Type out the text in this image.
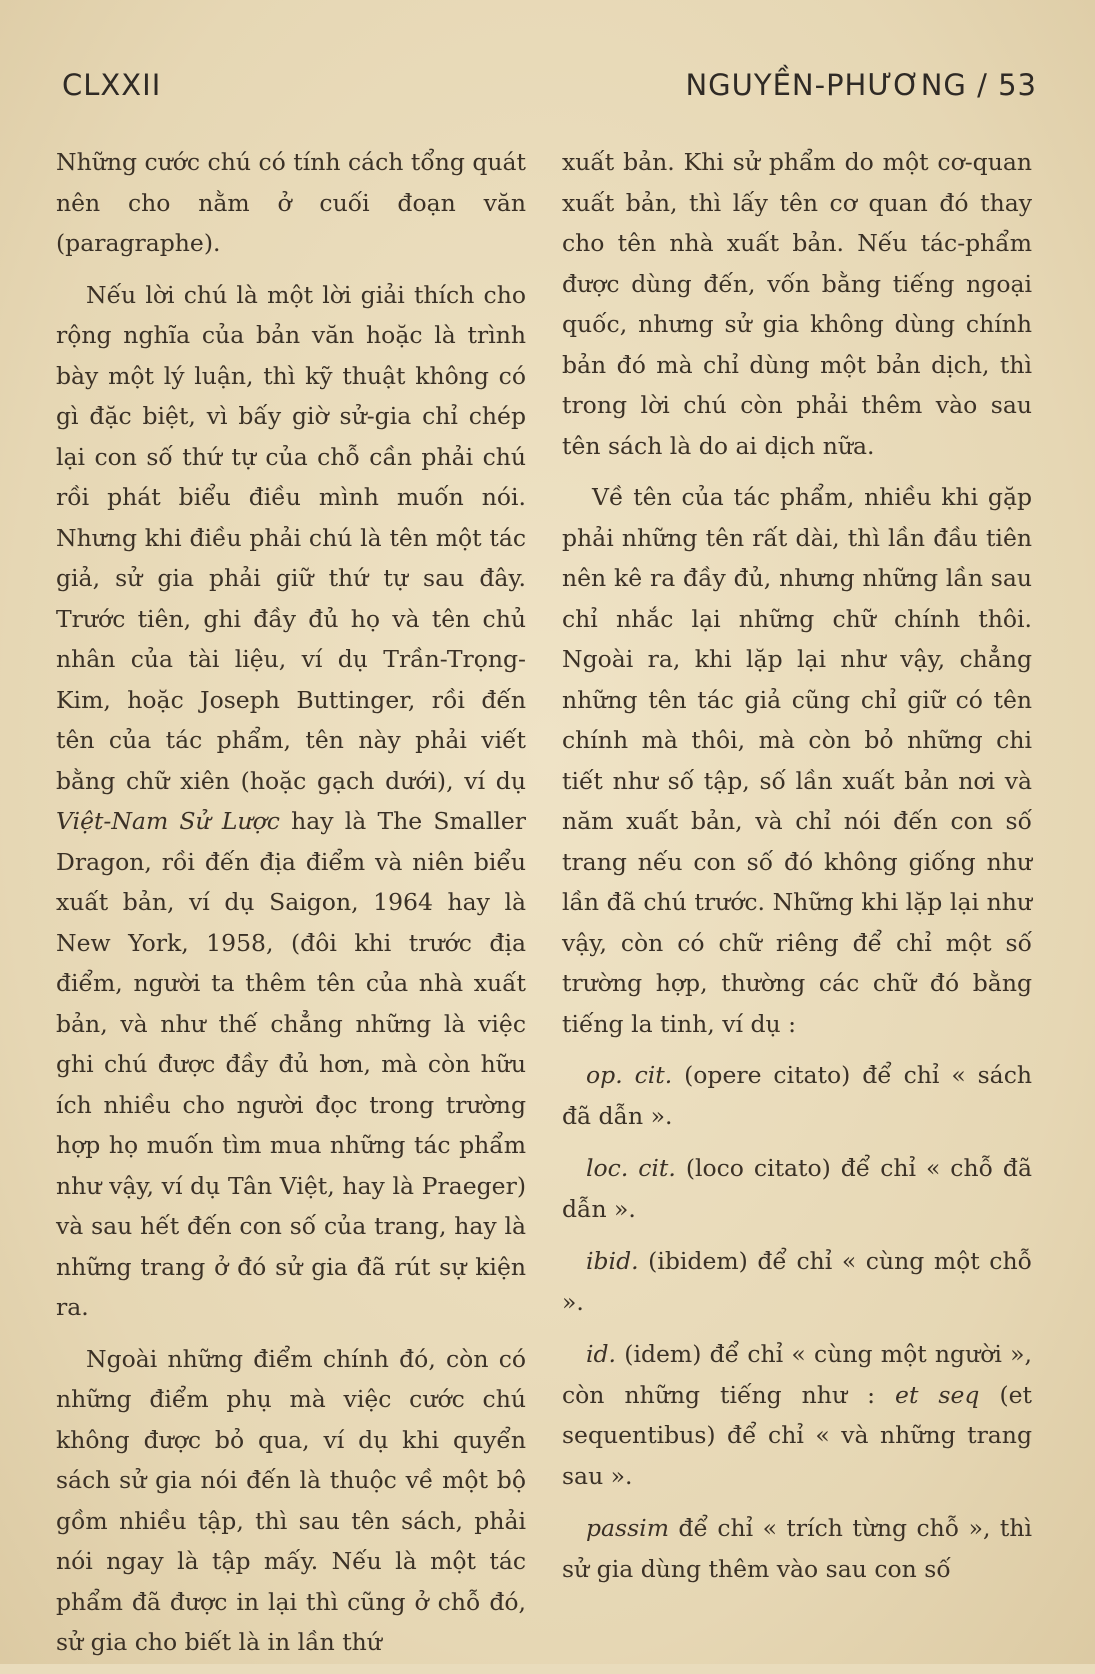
CLXXII	NGUYỀN-PHƯƠNG / 53

Những cước chú có tính cách tổng quát nên cho nằm ở cuối đoạn văn (paragraphe).

Nếu lời chú là một lời giải thích cho rộng nghĩa của bản văn hoặc là trình bày một lý luận, thì kỹ thuật không có gì đặc biệt, vì bấy giờ sử-gia chỉ chép lại con số thứ tự của chỗ cần phải chú rồi phát biểu điều mình muốn nói. Nhưng khi điều phải chú là tên một tác giả, sử gia phải giữ thứ tự sau đây. Trước tiên, ghi đầy đủ họ và tên chủ nhân của tài liệu, ví dụ Trần-Trọng-Kim, hoặc Joseph Buttinger, rồi đến tên của tác phẩm, tên này phải viết bằng chữ xiên (hoặc gạch dưới), ví dụ Việt-Nam Sử Lược hay là The Smaller Dragon, rồi đến địa điểm và niên biểu xuất bản, ví dụ Saigon, 1964 hay là New York, 1958, (đôi khi trước địa điểm, người ta thêm tên của nhà xuất bản, và như thế chẳng những là việc ghi chú được đầy đủ hơn, mà còn hữu ích nhiều cho người đọc trong trường hợp họ muốn tìm mua những tác phẩm như vậy, ví dụ Tân Việt, hay là Praeger) và sau hết đến con số của trang, hay là những trang ở đó sử gia đã rút sự kiện ra.

Ngoài những điểm chính đó, còn có những điểm phụ mà việc cước chú không được bỏ qua, ví dụ khi quyển sách sử gia nói đến là thuộc về một bộ gồm nhiều tập, thì sau tên sách, phải nói ngay là tập mấy. Nếu là một tác phẩm đã được in lại thì cũng ở chỗ đó, sử gia cho biết là in lần thứ

xuất bản. Khi sử phẩm do một cơ-quan xuất bản, thì lấy tên cơ quan đó thay cho tên nhà xuất bản. Nếu tác-phẩm được dùng đến, vốn bằng tiếng ngoại quốc, nhưng sử gia không dùng chính bản đó mà chỉ dùng một bản dịch, thì trong lời chú còn phải thêm vào sau tên sách là do ai dịch nữa.

Về tên của tác phẩm, nhiều khi gặp phải những tên rất dài, thì lần đầu tiên nên kê ra đầy đủ, nhưng những lần sau chỉ nhắc lại những chữ chính thôi. Ngoài ra, khi lặp lại như vậy, chẳng những tên tác giả cũng chỉ giữ có tên chính mà thôi, mà còn bỏ những chi tiết như số tập, số lần xuất bản nơi và năm xuất bản, và chỉ nói đến con số trang nếu con số đó không giống như lần đã chú trước. Những khi lặp lại như vậy, còn có chữ riêng để chỉ một số trường hợp, thường các chữ đó bằng tiếng la tinh, ví dụ :

op. cit. (opere citato) để chỉ « sách đã dẫn ».

loc. cit. (loco citato) để chỉ « chỗ đã dẫn ».

ibid. (ibidem) để chỉ « cùng một chỗ ».

id. (idem) để chỉ « cùng một người », còn những tiếng như : et seq (et sequentibus) để chỉ « và những trang sau ».

passim để chỉ « trích từng chỗ », thì sử gia dùng thêm vào sau con số
